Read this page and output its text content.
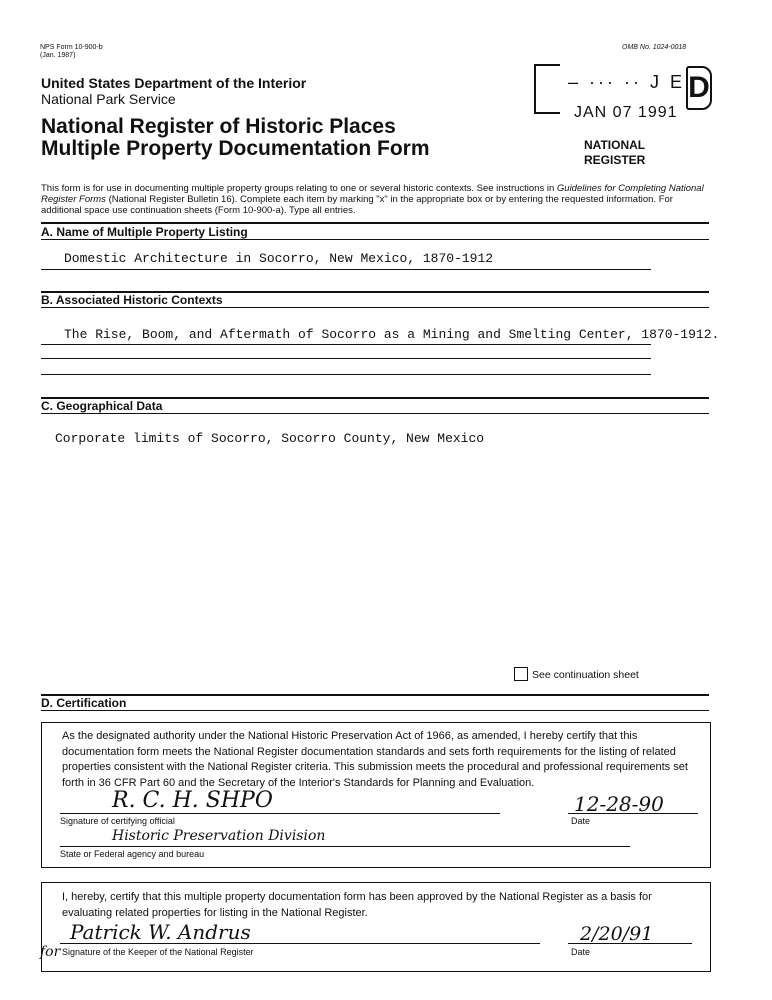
NPS Form 10-900-b
(Jan. 1987)
OMB No. 1024-0018
United States Department of the Interior
National Park Service
National Register of Historic Places
Multiple Property Documentation Form
– ··· ·· J E D
JAN 07 1991
NATIONAL
REGISTER
This form is for use in documenting multiple property groups relating to one or several historic contexts. See instructions in Guidelines for Completing National Register Forms (National Register Bulletin 16). Complete each item by marking "x" in the appropriate box or by entering the requested information. For additional space use continuation sheets (Form 10-900-a). Type all entries.
A. Name of Multiple Property Listing
Domestic Architecture in Socorro, New Mexico, 1870-1912
B. Associated Historic Contexts
The Rise, Boom, and Aftermath of Socorro as a Mining and Smelting Center, 1870-1912.
C. Geographical Data
Corporate limits of Socorro, Socorro County, New Mexico
See continuation sheet
D. Certification
As the designated authority under the National Historic Preservation Act of 1966, as amended, I hereby certify that this documentation form meets the National Register documentation standards and sets forth requirements for the listing of related properties consistent with the National Register criteria. This submission meets the procedural and professional requirements set forth in 36 CFR Part 60 and the Secretary of the Interior's Standards for Planning and Evaluation.
R. C. H. SHPO
Signature of certifying official
12-28-90
Date
Historic Preservation Division
State or Federal agency and bureau
I, hereby, certify that this multiple property documentation form has been approved by the National Register as a basis for evaluating related properties for listing in the National Register.
Patrick W. Andrus
Signature of the Keeper of the National Register
2/20/91
Date
for
